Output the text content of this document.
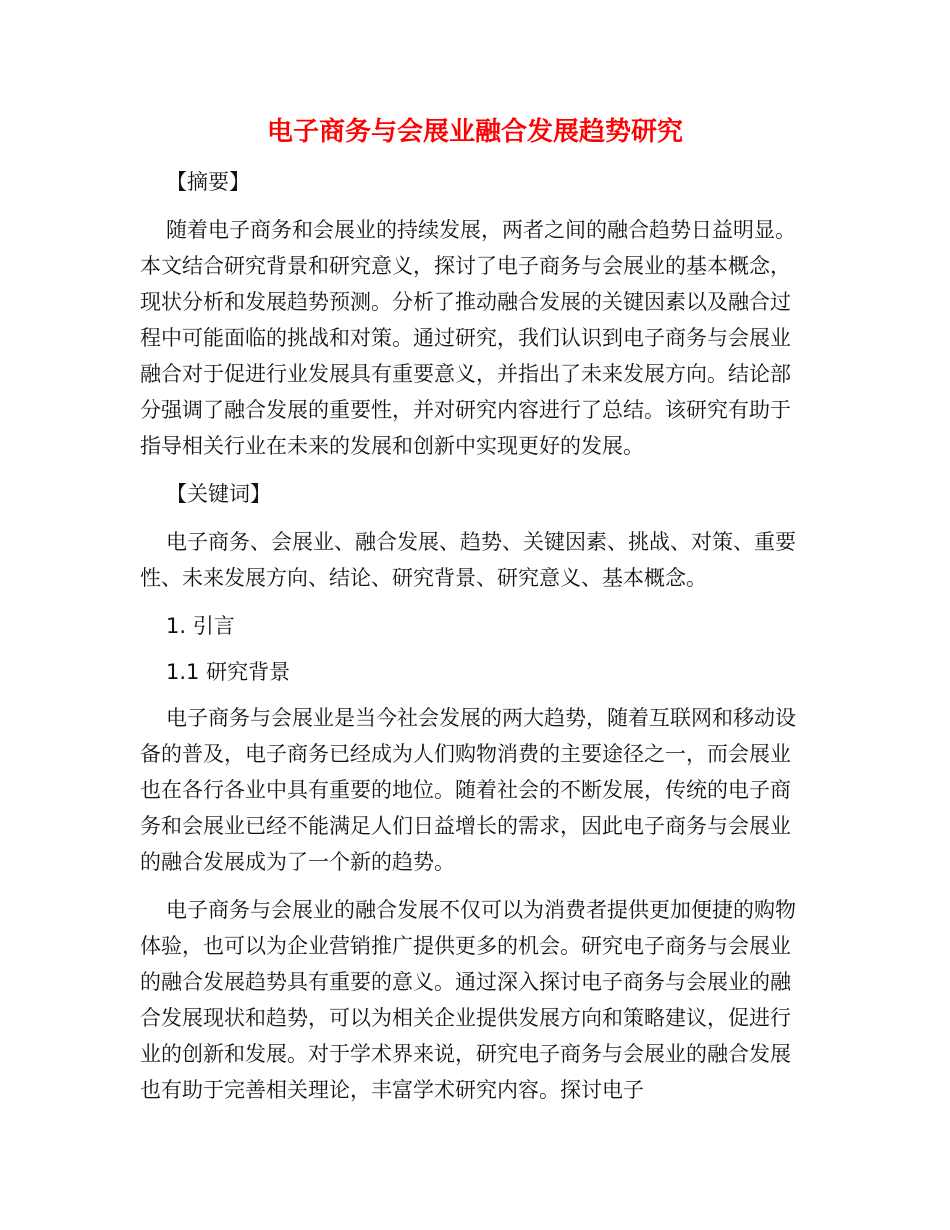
电子商务与会展业融合发展趋势研究

【摘要】

随着电子商务和会展业的持续发展，两者之间的融合趋势日益明显。本文结合研究背景和研究意义，探讨了电子商务与会展业的基本概念，现状分析和发展趋势预测。分析了推动融合发展的关键因素以及融合过程中可能面临的挑战和对策。通过研究，我们认识到电子商务与会展业融合对于促进行业发展具有重要意义，并指出了未来发展方向。结论部分强调了融合发展的重要性，并对研究内容进行了总结。该研究有助于指导相关行业在未来的发展和创新中实现更好的发展。

【关键词】

电子商务、会展业、融合发展、趋势、关键因素、挑战、对策、重要性、未来发展方向、结论、研究背景、研究意义、基本概念。

1. 引言

1.1 研究背景

电子商务与会展业是当今社会发展的两大趋势，随着互联网和移动设备的普及，电子商务已经成为人们购物消费的主要途径之一，而会展业也在各行各业中具有重要的地位。随着社会的不断发展，传统的电子商务和会展业已经不能满足人们日益增长的需求，因此电子商务与会展业的融合发展成为了一个新的趋势。

电子商务与会展业的融合发展不仅可以为消费者提供更加便捷的购物体验，也可以为企业营销推广提供更多的机会。研究电子商务与会展业的融合发展趋势具有重要的意义。通过深入探讨电子商务与会展业的融合发展现状和趋势，可以为相关企业提供发展方向和策略建议，促进行业的创新和发展。对于学术界来说，研究电子商务与会展业的融合发展也有助于完善相关理论，丰富学术研究内容。探讨电子
